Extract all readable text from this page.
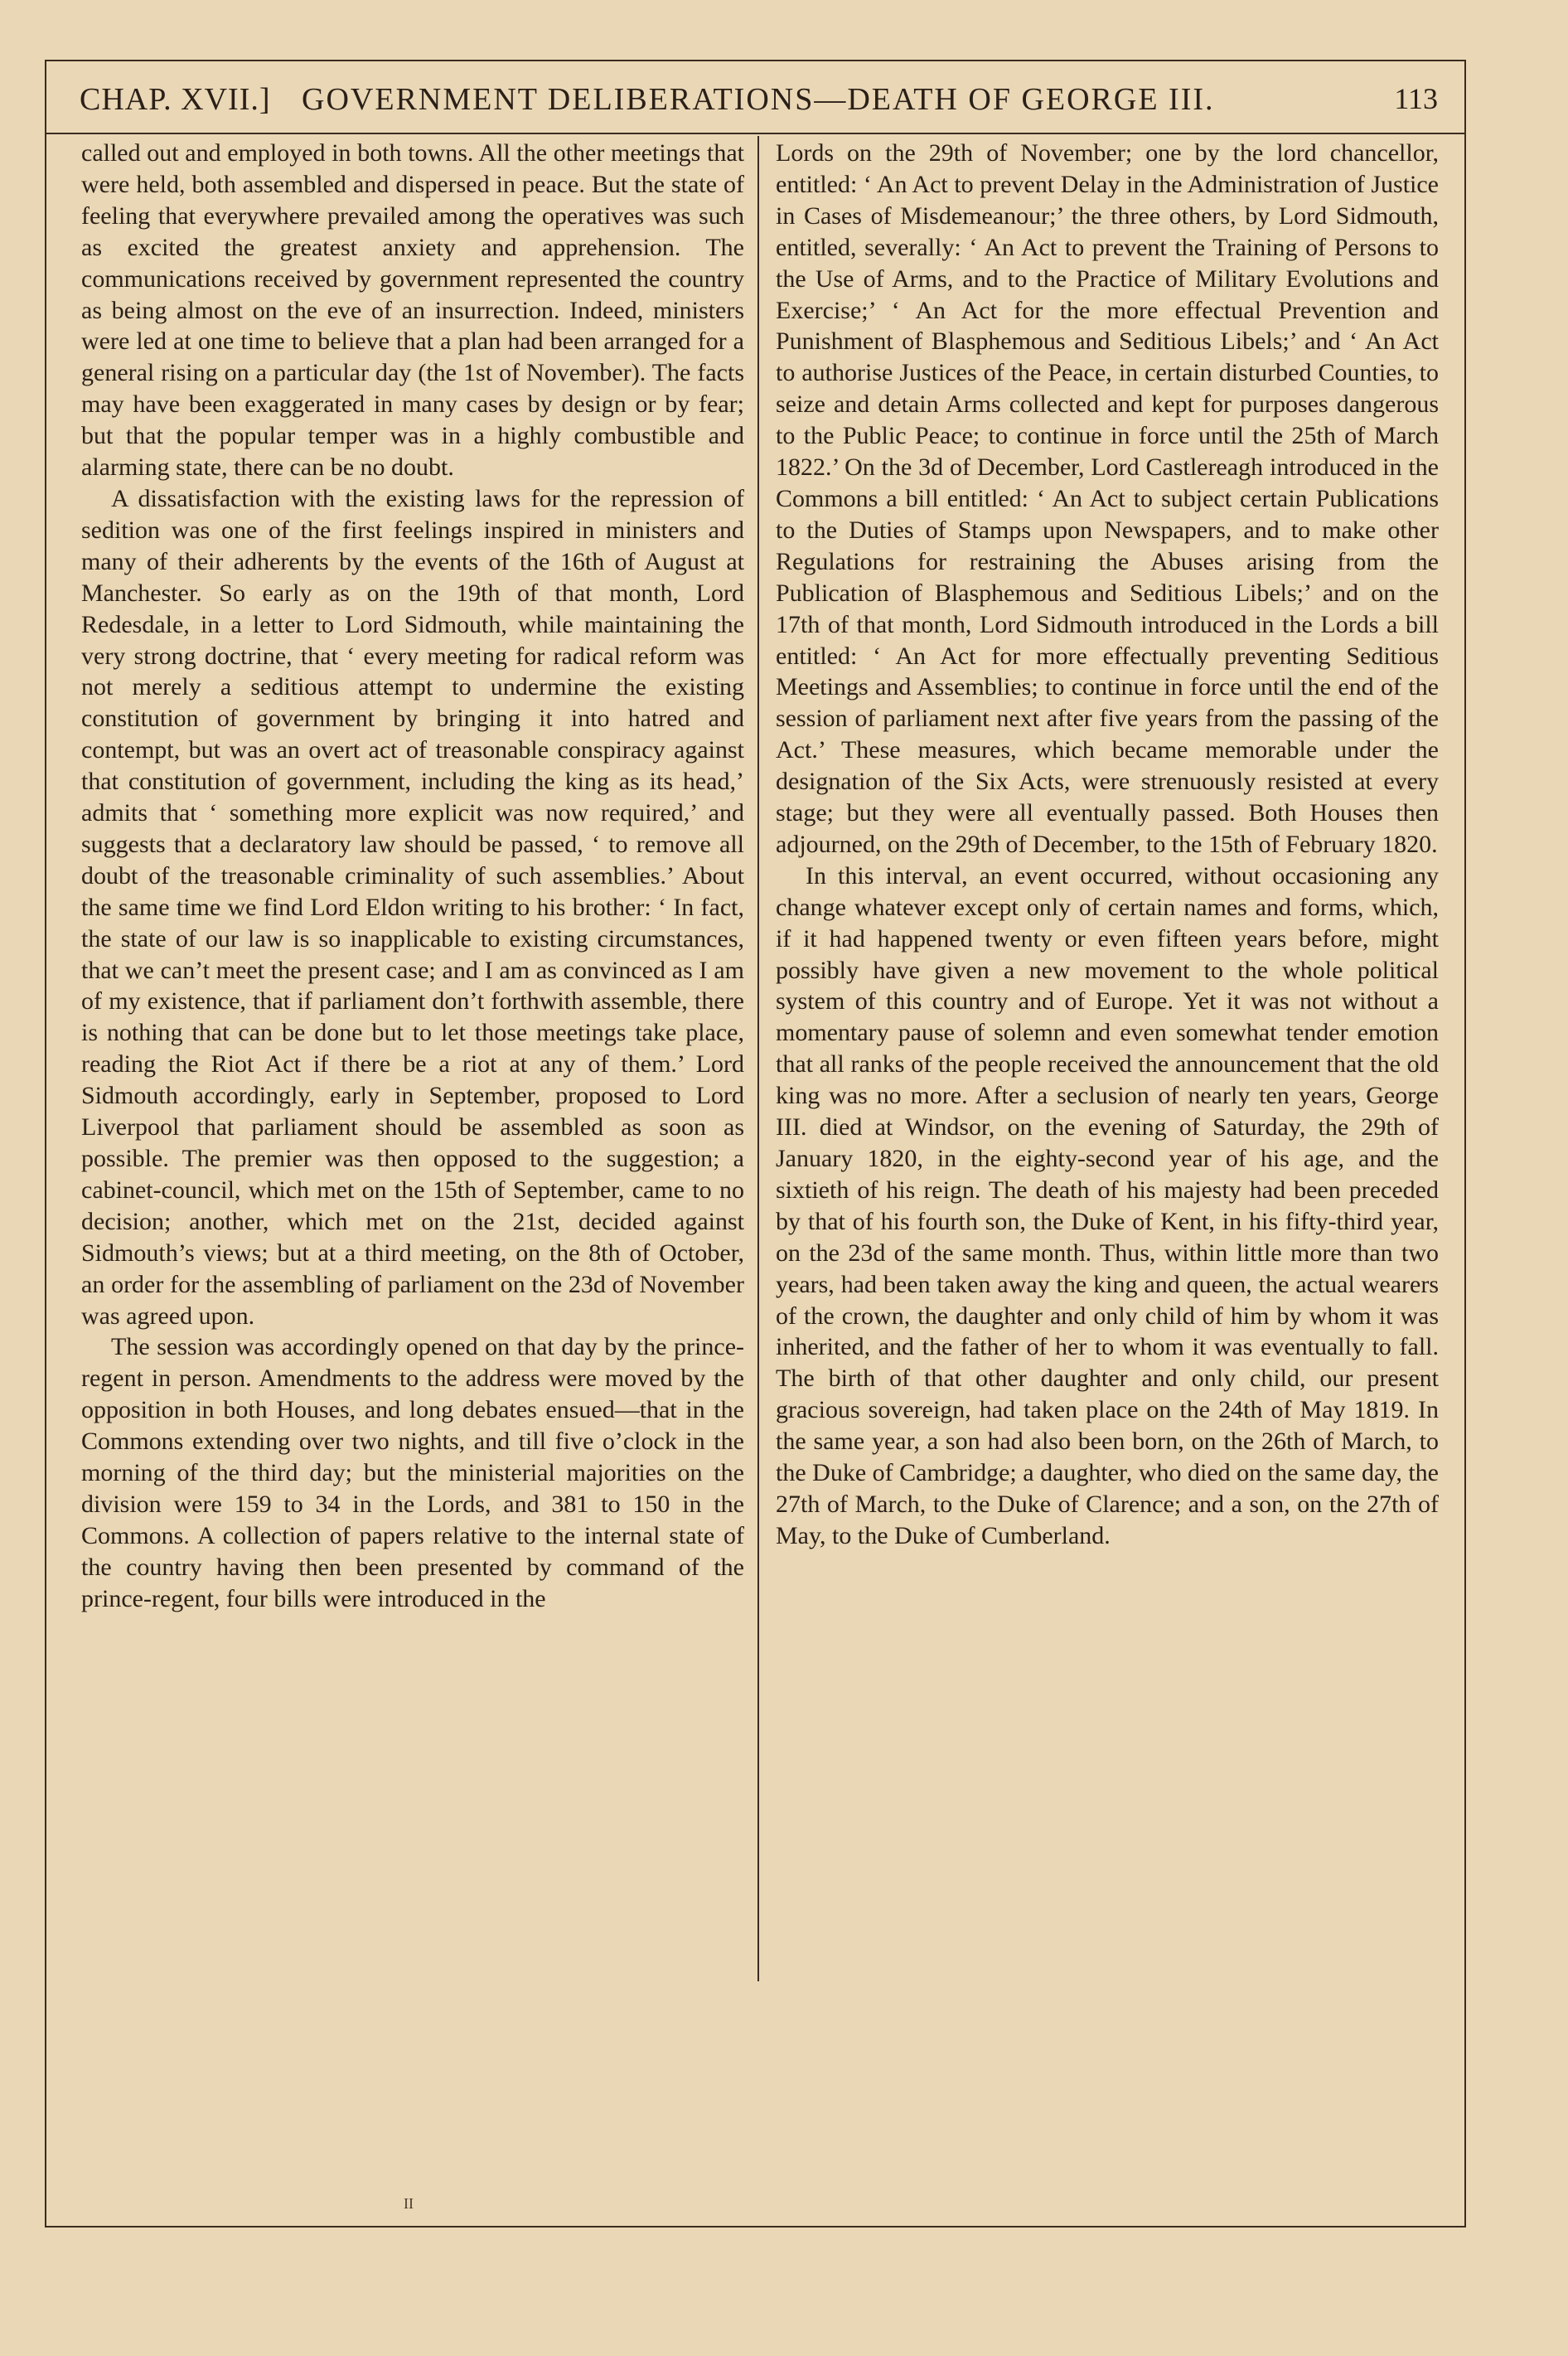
CHAP. XVII.] GOVERNMENT DELIBERATIONS—DEATH OF GEORGE III.	113

called out and employed in both towns. All the other meetings that were held, both assembled and dispersed in peace. But the state of feeling that everywhere prevailed among the operatives was such as excited the greatest anxiety and apprehension. The communications received by government represented the country as being almost on the eve of an insurrection. Indeed, ministers were led at one time to believe that a plan had been arranged for a general rising on a particular day (the 1st of November). The facts may have been exaggerated in many cases by design or by fear; but that the popular temper was in a highly combustible and alarming state, there can be no doubt.

A dissatisfaction with the existing laws for the repression of sedition was one of the first feelings inspired in ministers and many of their adherents by the events of the 16th of August at Manchester. So early as on the 19th of that month, Lord Redesdale, in a letter to Lord Sidmouth, while maintaining the very strong doctrine, that ‘ every meeting for radical reform was not merely a seditious attempt to undermine the existing constitution of government by bringing it into hatred and contempt, but was an overt act of treasonable conspiracy against that constitution of government, including the king as its head,’ admits that ‘ something more explicit was now required,’ and suggests that a declaratory law should be passed, ‘ to remove all doubt of the treasonable criminality of such assemblies.’ About the same time we find Lord Eldon writing to his brother: ‘ In fact, the state of our law is so inapplicable to existing circumstances, that we can’t meet the present case; and I am as convinced as I am of my existence, that if parliament don’t forthwith assemble, there is nothing that can be done but to let those meetings take place, reading the Riot Act if there be a riot at any of them.’ Lord Sidmouth accordingly, early in September, proposed to Lord Liverpool that parliament should be assembled as soon as possible. The premier was then opposed to the suggestion; a cabinet-council, which met on the 15th of September, came to no decision; another, which met on the 21st, decided against Sidmouth’s views; but at a third meeting, on the 8th of October, an order for the assembling of parliament on the 23d of November was agreed upon.

The session was accordingly opened on that day by the prince-regent in person. Amendments to the address were moved by the opposition in both Houses, and long debates ensued—that in the Commons extending over two nights, and till five o’clock in the morning of the third day; but the ministerial majorities on the division were 159 to 34 in the Lords, and 381 to 150 in the Commons. A collection of papers relative to the internal state of the country having then been presented by command of the prince-regent, four bills were introduced in the

Lords on the 29th of November; one by the lord chancellor, entitled: ‘ An Act to prevent Delay in the Administration of Justice in Cases of Misdemeanour;’ the three others, by Lord Sidmouth, entitled, severally: ‘ An Act to prevent the Training of Persons to the Use of Arms, and to the Practice of Military Evolutions and Exercise;’ ‘ An Act for the more effectual Prevention and Punishment of Blasphemous and Seditious Libels;’ and ‘ An Act to authorise Justices of the Peace, in certain disturbed Counties, to seize and detain Arms collected and kept for purposes dangerous to the Public Peace; to continue in force until the 25th of March 1822.’ On the 3d of December, Lord Castlereagh introduced in the Commons a bill entitled: ‘ An Act to subject certain Publications to the Duties of Stamps upon Newspapers, and to make other Regulations for restraining the Abuses arising from the Publication of Blasphemous and Seditious Libels;’ and on the 17th of that month, Lord Sidmouth introduced in the Lords a bill entitled: ‘ An Act for more effectually preventing Seditious Meetings and Assemblies; to continue in force until the end of the session of parliament next after five years from the passing of the Act.’ These measures, which became memorable under the designation of the Six Acts, were strenuously resisted at every stage; but they were all eventually passed. Both Houses then adjourned, on the 29th of December, to the 15th of February 1820.

In this interval, an event occurred, without occasioning any change whatever except only of certain names and forms, which, if it had happened twenty or even fifteen years before, might possibly have given a new movement to the whole political system of this country and of Europe. Yet it was not without a momentary pause of solemn and even somewhat tender emotion that all ranks of the people received the announcement that the old king was no more. After a seclusion of nearly ten years, George III. died at Windsor, on the evening of Saturday, the 29th of January 1820, in the eighty-second year of his age, and the sixtieth of his reign. The death of his majesty had been preceded by that of his fourth son, the Duke of Kent, in his fifty-third year, on the 23d of the same month. Thus, within little more than two years, had been taken away the king and queen, the actual wearers of the crown, the daughter and only child of him by whom it was inherited, and the father of her to whom it was eventually to fall. The birth of that other daughter and only child, our present gracious sovereign, had taken place on the 24th of May 1819. In the same year, a son had also been born, on the 26th of March, to the Duke of Cambridge; a daughter, who died on the same day, the 27th of March, to the Duke of Clarence; and a son, on the 27th of May, to the Duke of Cumberland.

II
